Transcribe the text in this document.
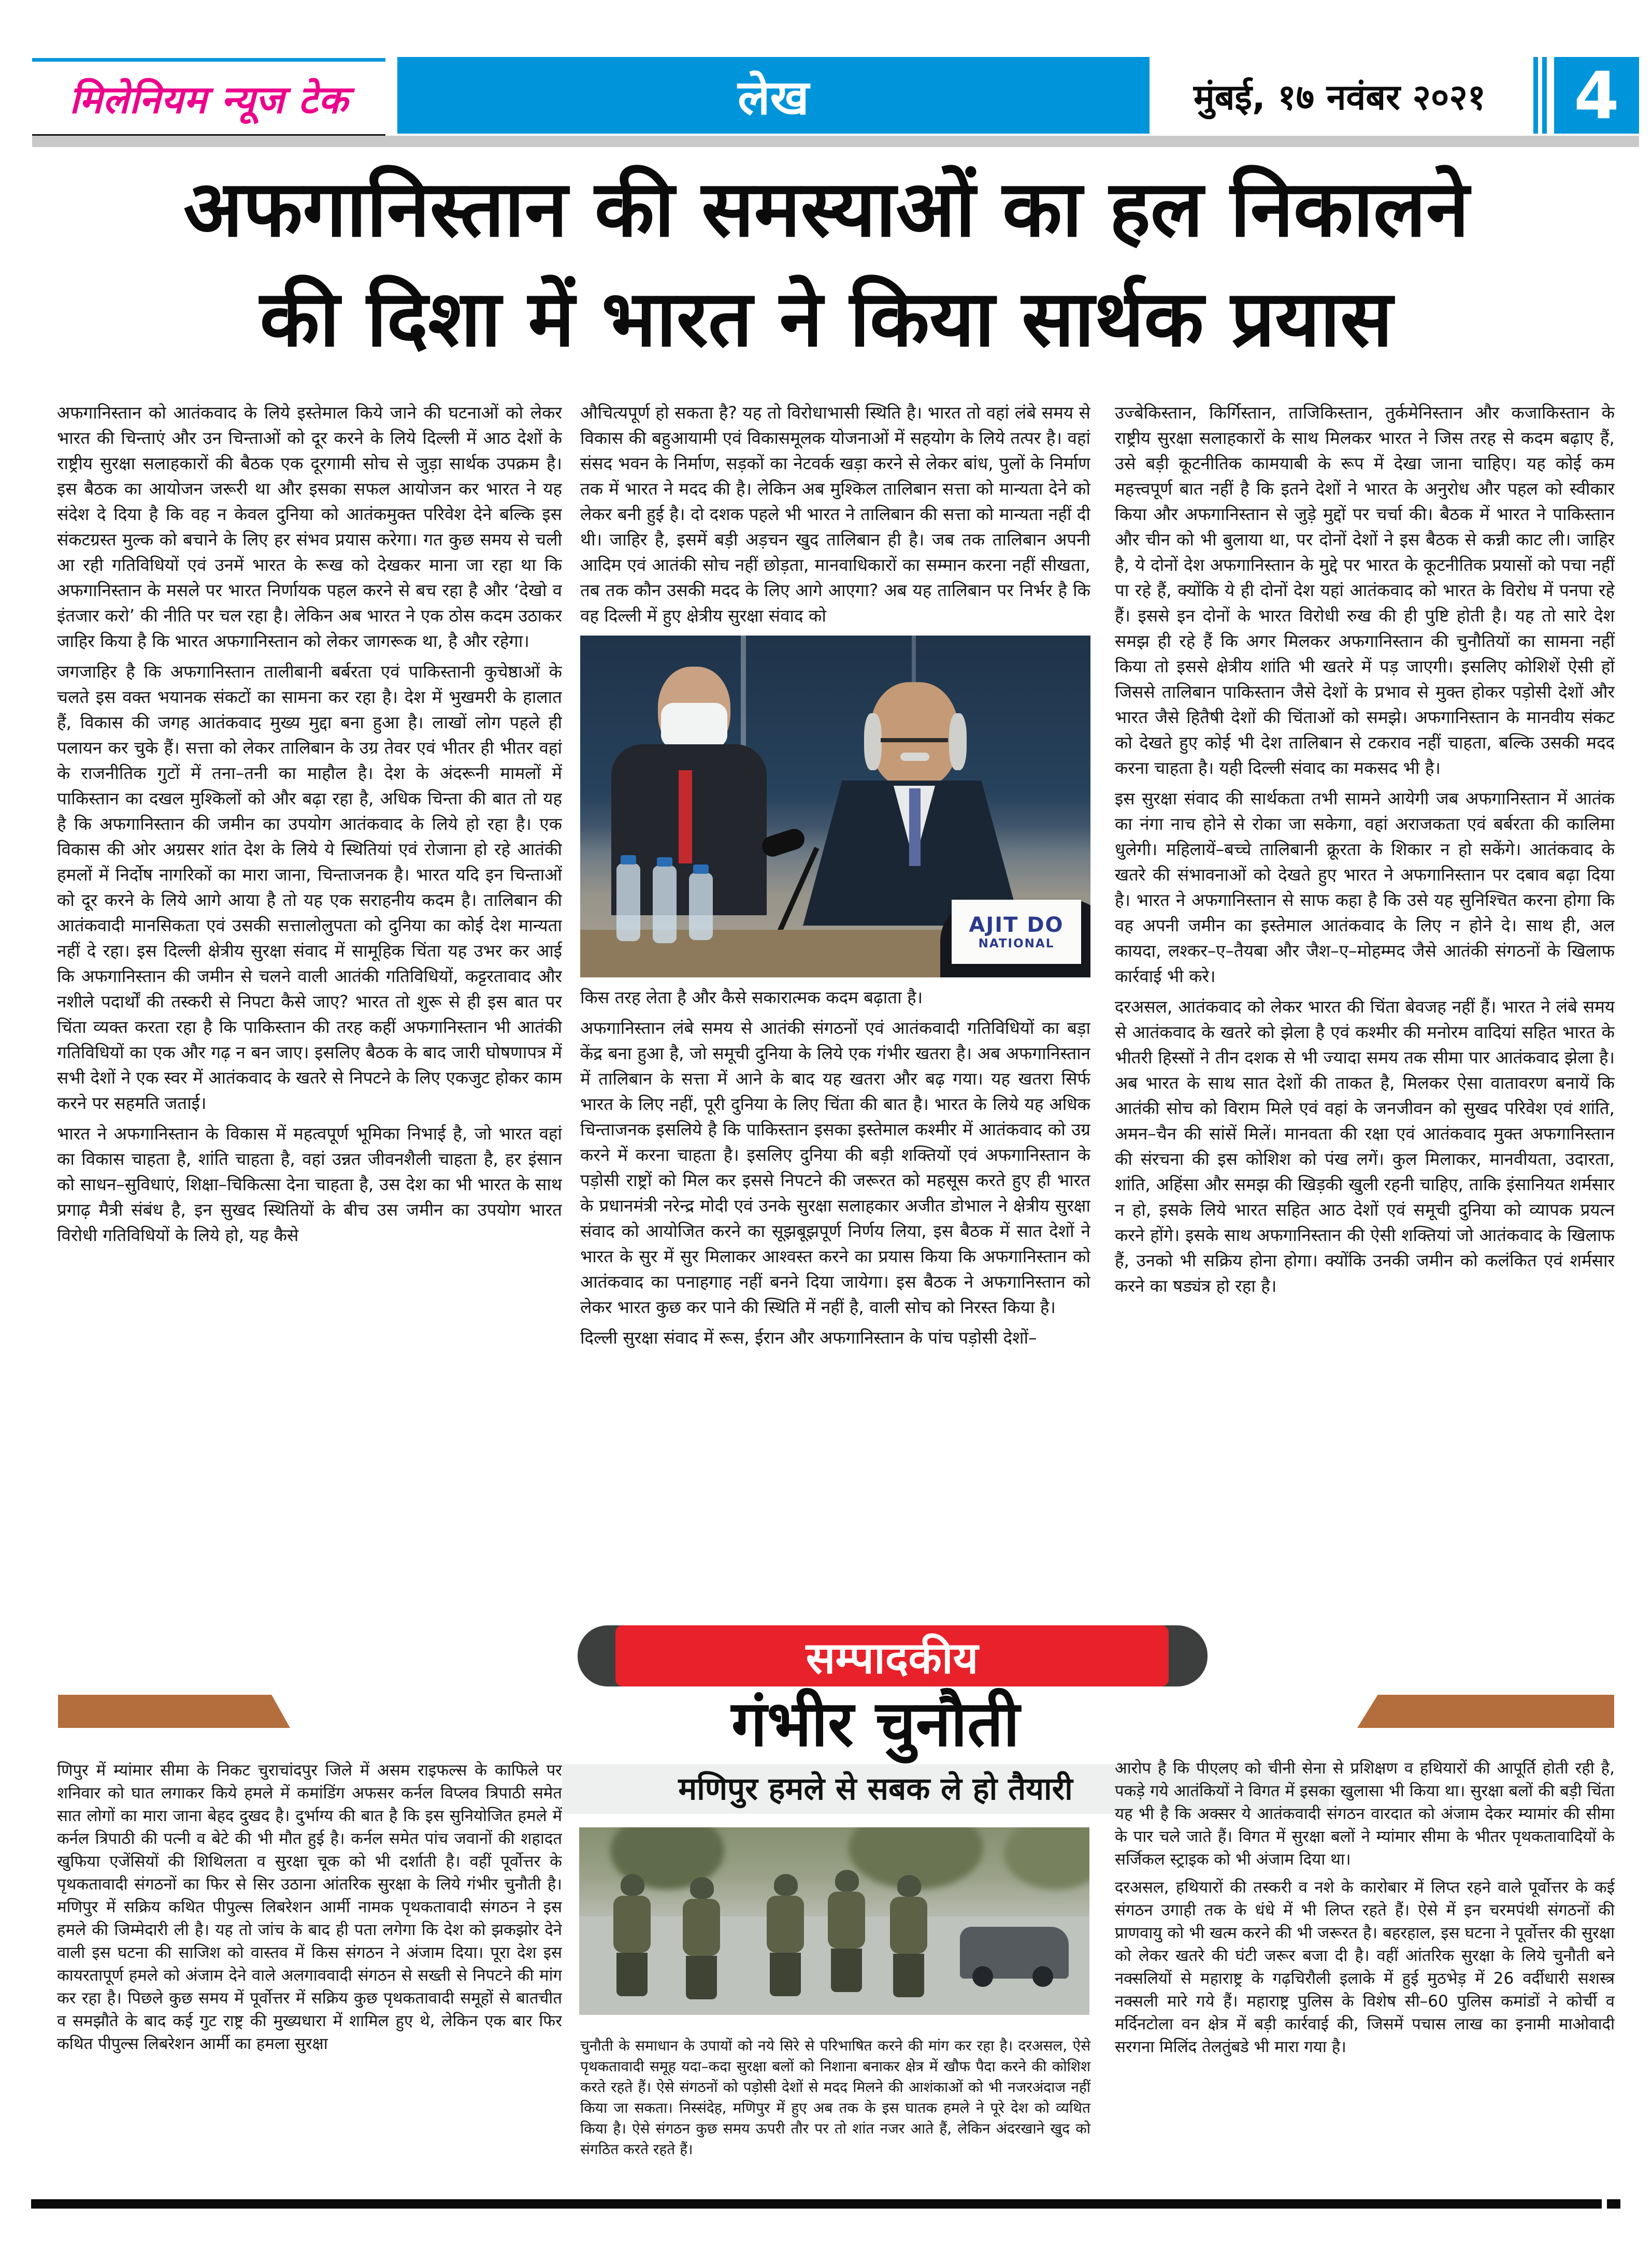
मिलेनियम न्यूज टेक	लेख	मुंबई, १७ नवंबर २०२१ 4
अफगानिस्तान की समस्याओं का हल निकालने
की दिशा में भारत ने किया सार्थक प्रयास

अफगानिस्तान को आतंकवाद के लिये इस्तेमाल किये जाने की घटनाओं को लेकर भारत की चिन्ताएं और उन चिन्ताओं को दूर करने के लिये दिल्ली में आठ देशों के राष्ट्रीय सुरक्षा सलाहकारों की बैठक एक दूरगामी सोच से जुड़ा सार्थक उपक्रम है। इस बैठक का आयोजन जरूरी था और इसका सफल आयोजन कर भारत ने यह संदेश दे दिया है कि वह न केवल दुनिया को आतंकमुक्त परिवेश देने बल्कि इस संकटग्रस्त मुल्क को बचाने के लिए हर संभव प्रयास करेगा। गत कुछ समय से चली आ रही गतिविधियों एवं उनमें भारत के रूख को देखकर माना जा रहा था कि अफगानिस्तान के मसले पर भारत निर्णायक पहल करने से बच रहा है और ‘देखो व इंतजार करो’ की नीति पर चल रहा है। लेकिन अब भारत ने एक ठोस कदम उठाकर जाहिर किया है कि भारत अफगानिस्तान को लेकर जागरूक था, है और रहेगा।

जगजाहिर है कि अफगानिस्तान तालीबानी बर्बरता एवं पाकिस्तानी कुचेष्ठाओं के चलते इस वक्त भयानक संकटों का सामना कर रहा है। देश में भुखमरी के हालात हैं, विकास की जगह आतंकवाद मुख्य मुद्दा बना हुआ है। लाखों लोग पहले ही पलायन कर चुके हैं। सत्ता को लेकर तालिबान के उग्र तेवर एवं भीतर ही भीतर वहां के राजनीतिक गुटों में तना–तनी का माहौल है। देश के अंदरूनी मामलों में पाकिस्तान का दखल मुश्किलों को और बढ़ा रहा है, अधिक चिन्ता की बात तो यह है कि अफगानिस्तान की जमीन का उपयोग आतंकवाद के लिये हो रहा है। एक विकास की ओर अग्रसर शांत देश के लिये ये स्थितियां एवं रोजाना हो रहे आतंकी हमलों में निर्दोष नागरिकों का मारा जाना, चिन्ताजनक है। भारत यदि इन चिन्ताओं को दूर करने के लिये आगे आया है तो यह एक सराहनीय कदम है। तालिबान की आतंकवादी मानसिकता एवं उसकी सत्तालोलुपता को दुनिया का कोई देश मान्यता नहीं दे रहा। इस दिल्ली क्षेत्रीय सुरक्षा संवाद में सामूहिक चिंता यह उभर कर आई कि अफगानिस्तान की जमीन से चलने वाली आतंकी गतिविधियों, कट्टरतावाद और नशीले पदार्थों की तस्करी से निपटा कैसे जाए? भारत तो शुरू से ही इस बात पर चिंता व्यक्त करता रहा है कि पाकिस्तान की तरह कहीं अफगानिस्तान भी आतंकी गतिविधियों का एक और गढ़ न बन जाए। इसलिए बैठक के बाद जारी घोषणापत्र में सभी देशों ने एक स्वर में आतंकवाद के खतरे से निपटने के लिए एकजुट होकर काम करने पर सहमति जताई।

भारत ने अफगानिस्तान के विकास में महत्वपूर्ण भूमिका निभाई है, जो भारत वहां का विकास चाहता है, शांति चाहता है, वहां उन्नत जीवनशैली चाहता है, हर इंसान को साधन–सुविधाएं, शिक्षा–चिकित्सा देना चाहता है, उस देश का भी भारत के साथ प्रगाढ़ मैत्री संबंध है, इन सुखद स्थितियों के बीच उस जमीन का उपयोग भारत विरोधी गतिविधियों के लिये हो, यह कैसे

औचित्यपूर्ण हो सकता है? यह तो विरोधाभासी स्थिति है। भारत तो वहां लंबे समय से विकास की बहुआयामी एवं विकासमूलक योजनाओं में सहयोग के लिये तत्पर है। वहां संसद भवन के निर्माण, सड़कों का नेटवर्क खड़ा करने से लेकर बांध, पुलों के निर्माण तक में भारत ने मदद की है। लेकिन अब मुश्किल तालिबान सत्ता को मान्यता देने को लेकर बनी हुई है। दो दशक पहले भी भारत ने तालिबान की सत्ता को मान्यता नहीं दी थी। जाहिर है, इसमें बड़ी अड़चन खुद तालिबान ही है। जब तक तालिबान अपनी आदिम एवं आतंकी सोच नहीं छोड़ता, मानवाधिकारों का सम्मान करना नहीं सीखता, तब तक कौन उसकी मदद के लिए आगे आएगा? अब यह तालिबान पर निर्भर है कि वह दिल्ली में हुए क्षेत्रीय सुरक्षा संवाद को

AJIT DO
NATIONAL

किस तरह लेता है और कैसे सकारात्मक कदम बढ़ाता है।

अफगानिस्तान लंबे समय से आतंकी संगठनों एवं आतंकवादी गतिविधियों का बड़ा केंद्र बना हुआ है, जो समूची दुनिया के लिये एक गंभीर खतरा है। अब अफगानिस्तान में तालिबान के सत्ता में आने के बाद यह खतरा और बढ़ गया। यह खतरा सिर्फ भारत के लिए नहीं, पूरी दुनिया के लिए चिंता की बात है। भारत के लिये यह अधिक चिन्ताजनक इसलिये है कि पाकिस्तान इसका इस्तेमाल कश्मीर में आतंकवाद को उग्र करने में करना चाहता है। इसलिए दुनिया की बड़ी शक्तियों एवं अफगानिस्तान के पड़ोसी राष्ट्रों को मिल कर इससे निपटने की जरूरत को महसूस करते हुए ही भारत के प्रधानमंत्री नरेन्द्र मोदी एवं उनके सुरक्षा सलाहकार अजीत डोभाल ने क्षेत्रीय सुरक्षा संवाद को आयोजित करने का सूझबूझपूर्ण निर्णय लिया, इस बैठक में सात देशों ने भारत के सुर में सुर मिलाकर आश्वस्त करने का प्रयास किया कि अफगानिस्तान को आतंकवाद का पनाहगाह नहीं बनने दिया जायेगा। इस बैठक ने अफगानिस्तान को लेकर भारत कुछ कर पाने की स्थिति में नहीं है, वाली सोच को निरस्त किया है।

दिल्ली सुरक्षा संवाद में रूस, ईरान और अफगानिस्तान के पांच पड़ोसी देशों–

उज्बेकिस्तान, किर्गिस्तान, ताजिकिस्तान, तुर्कमेनिस्तान और कजाकिस्तान के राष्ट्रीय सुरक्षा सलाहकारों के साथ मिलकर भारत ने जिस तरह से कदम बढ़ाए हैं, उसे बड़ी कूटनीतिक कामयाबी के रूप में देखा जाना चाहिए। यह कोई कम महत्त्वपूर्ण बात नहीं है कि इतने देशों ने भारत के अनुरोध और पहल को स्वीकार किया और अफगानिस्तान से जुड़े मुद्दों पर चर्चा की। बैठक में भारत ने पाकिस्तान और चीन को भी बुलाया था, पर दोनों देशों ने इस बैठक से कन्नी काट ली। जाहिर है, ये दोनों देश अफगानिस्तान के मुद्दे पर भारत के कूटनीतिक प्रयासों को पचा नहीं पा रहे हैं, क्योंकि ये ही दोनों देश यहां आतंकवाद को भारत के विरोध में पनपा रहे हैं। इससे इन दोनों के भारत विरोधी रुख की ही पुष्टि होती है। यह तो सारे देश समझ ही रहे हैं कि अगर मिलकर अफगानिस्तान की चुनौतियों का सामना नहीं किया तो इससे क्षेत्रीय शांति भी खतरे में पड़ जाएगी। इसलिए कोशिशें ऐसी हों जिससे तालिबान पाकिस्तान जैसे देशों के प्रभाव से मुक्त होकर पड़ोसी देशों और भारत जैसे हितैषी देशों की चिंताओं को समझे। अफगानिस्तान के मानवीय संकट को देखते हुए कोई भी देश तालिबान से टकराव नहीं चाहता, बल्कि उसकी मदद करना चाहता है। यही दिल्ली संवाद का मकसद भी है।

इस सुरक्षा संवाद की सार्थकता तभी सामने आयेगी जब अफगानिस्तान में आतंक का नंगा नाच होने से रोका जा सकेगा, वहां अराजकता एवं बर्बरता की कालिमा धुलेगी। महिलायें–बच्चे तालिबानी क्रूरता के शिकार न हो सकेंगे। आतंकवाद के खतरे की संभावनाओं को देखते हुए भारत ने अफगानिस्तान पर दबाव बढ़ा दिया है। भारत ने अफगानिस्तान से साफ कहा है कि उसे यह सुनिश्चित करना होगा कि वह अपनी जमीन का इस्तेमाल आतंकवाद के लिए न होने दे। साथ ही, अल कायदा, लश्कर–ए–तैयबा और जैश–ए–मोहम्मद जैसे आतंकी संगठनों के खिलाफ कार्रवाई भी करे।

दरअसल, आतंकवाद को लेकर भारत की चिंता बेवजह नहीं हैं। भारत ने लंबे समय से आतंकवाद के खतरे को झेला है एवं कश्मीर की मनोरम वादियां सहित भारत के भीतरी हिस्सों ने तीन दशक से भी ज्यादा समय तक सीमा पार आतंकवाद झेला है। अब भारत के साथ सात देशों की ताकत है, मिलकर ऐसा वातावरण बनायें कि आतंकी सोच को विराम मिले एवं वहां के जनजीवन को सुखद परिवेश एवं शांति, अमन–चैन की सांसें मिलें। मानवता की रक्षा एवं आतंकवाद मुक्त अफगानिस्तान की संरचना की इस कोशिश को पंख लगें। कुल मिलाकर, मानवीयता, उदारता, शांति, अहिंसा और समझ की खिड़की खुली रहनी चाहिए, ताकि इंसानियत शर्मसार न हो, इसके लिये भारत सहित आठ देशों एवं समूची दुनिया को व्यापक प्रयत्न करने होंगे। इसके साथ अफगानिस्तान की ऐसी शक्तियां जो आतंकवाद के खिलाफ हैं, उनको भी सक्रिय होना होगा। क्योंकि उनकी जमीन को कलंकित एवं शर्मसार करने का षड्यंत्र हो रहा है।

सम्पादकीय
गंभीर चुनौती
मणिपुर हमले से सबक ले हो तैयारी

णिपुर में म्यांमार सीमा के निकट चुराचांदपुर जिले में असम राइफल्स के काफिले पर शनिवार को घात लगाकर किये हमले में कमांडिंग अफसर कर्नल विप्लव त्रिपाठी समेत सात लोगों का मारा जाना बेहद दुखद है। दुर्भाग्य की बात है कि इस सुनियोजित हमले में कर्नल त्रिपाठी की पत्नी व बेटे की भी मौत हुई है। कर्नल समेत पांच जवानों की शहादत खुफिया एजेंसियों की शिथिलता व सुरक्षा चूक को भी दर्शाती है। वहीं पूर्वोत्तर के पृथकतावादी संगठनों का फिर से सिर उठाना आंतरिक सुरक्षा के लिये गंभीर चुनौती है। मणिपुर में सक्रिय कथित पीपुल्स लिबरेशन आर्मी नामक पृथकतावादी संगठन ने इस हमले की जिम्मेदारी ली है। यह तो जांच के बाद ही पता लगेगा कि देश को झकझोर देने वाली इस घटना की साजिश को वास्तव में किस संगठन ने अंजाम दिया। पूरा देश इस कायरतापूर्ण हमले को अंजाम देने वाले अलगाववादी संगठन से सख्ती से निपटने की मांग कर रहा है। पिछले कुछ समय में पूर्वोत्तर में सक्रिय कुछ पृथकतावादी समूहों से बातचीत व समझौते के बाद कई गुट राष्ट्र की मुख्यधारा में शामिल हुए थे, लेकिन एक बार फिर कथित पीपुल्स लिबरेशन आर्मी का हमला सुरक्षा	चुनौती के समाधान के उपायों को नये सिरे से परिभाषित करने की मांग कर रहा है। दरअसल, ऐसे पृथकतावादी समूह यदा–कदा सुरक्षा बलों को निशाना बनाकर क्षेत्र में खौफ पैदा करने की कोशिश करते रहते हैं। ऐसे संगठनों को पड़ोसी देशों से मदद मिलने की आशंकाओं को भी नजरअंदाज नहीं किया जा सकता। निस्संदेह, मणिपुर में हुए अब तक के इस घातक हमले ने पूरे देश को व्यथित किया है। ऐसे संगठन कुछ समय ऊपरी तौर पर तो शांत नजर आते हैं, लेकिन अंदरखाने खुद को संगठित करते रहते हैं।

आरोप है कि पीएलए को चीनी सेना से प्रशिक्षण व हथियारों की आपूर्ति होती रही है, पकड़े गये आतंकियों ने विगत में इसका खुलासा भी किया था। सुरक्षा बलों की बड़ी चिंता यह भी है कि अक्सर ये आतंकवादी संगठन वारदात को अंजाम देकर म्यामांर की सीमा के पार चले जाते हैं। विगत में सुरक्षा बलों ने म्यांमार सीमा के भीतर पृथकतावादियों के सर्जिकल स्ट्राइक को भी अंजाम दिया था।

दरअसल, हथियारों की तस्करी व नशे के कारोबार में लिप्त रहने वाले पूर्वोत्तर के कई संगठन उगाही तक के धंधे में भी लिप्त रहते हैं। ऐसे में इन चरमपंथी संगठनों की प्राणवायु को भी खत्म करने की भी जरूरत है। बहरहाल, इस घटना ने पूर्वोत्तर की सुरक्षा को लेकर खतरे की घंटी जरूर बजा दी है। वहीं आंतरिक सुरक्षा के लिये चुनौती बने नक्सलियों से महाराष्ट्र के गढ़चिरौली इलाके में हुई मुठभेड़ में 26 वर्दीधारी सशस्त्र नक्सली मारे गये हैं। महाराष्ट्र पुलिस के विशेष सी–60 पुलिस कमांडों ने कोर्ची व मर्दिनटोला वन क्षेत्र में बड़ी कार्रवाई की, जिसमें पचास लाख का इनामी माओवादी सरगना मिलिंद तेलतुंबडे भी मारा गया है।
